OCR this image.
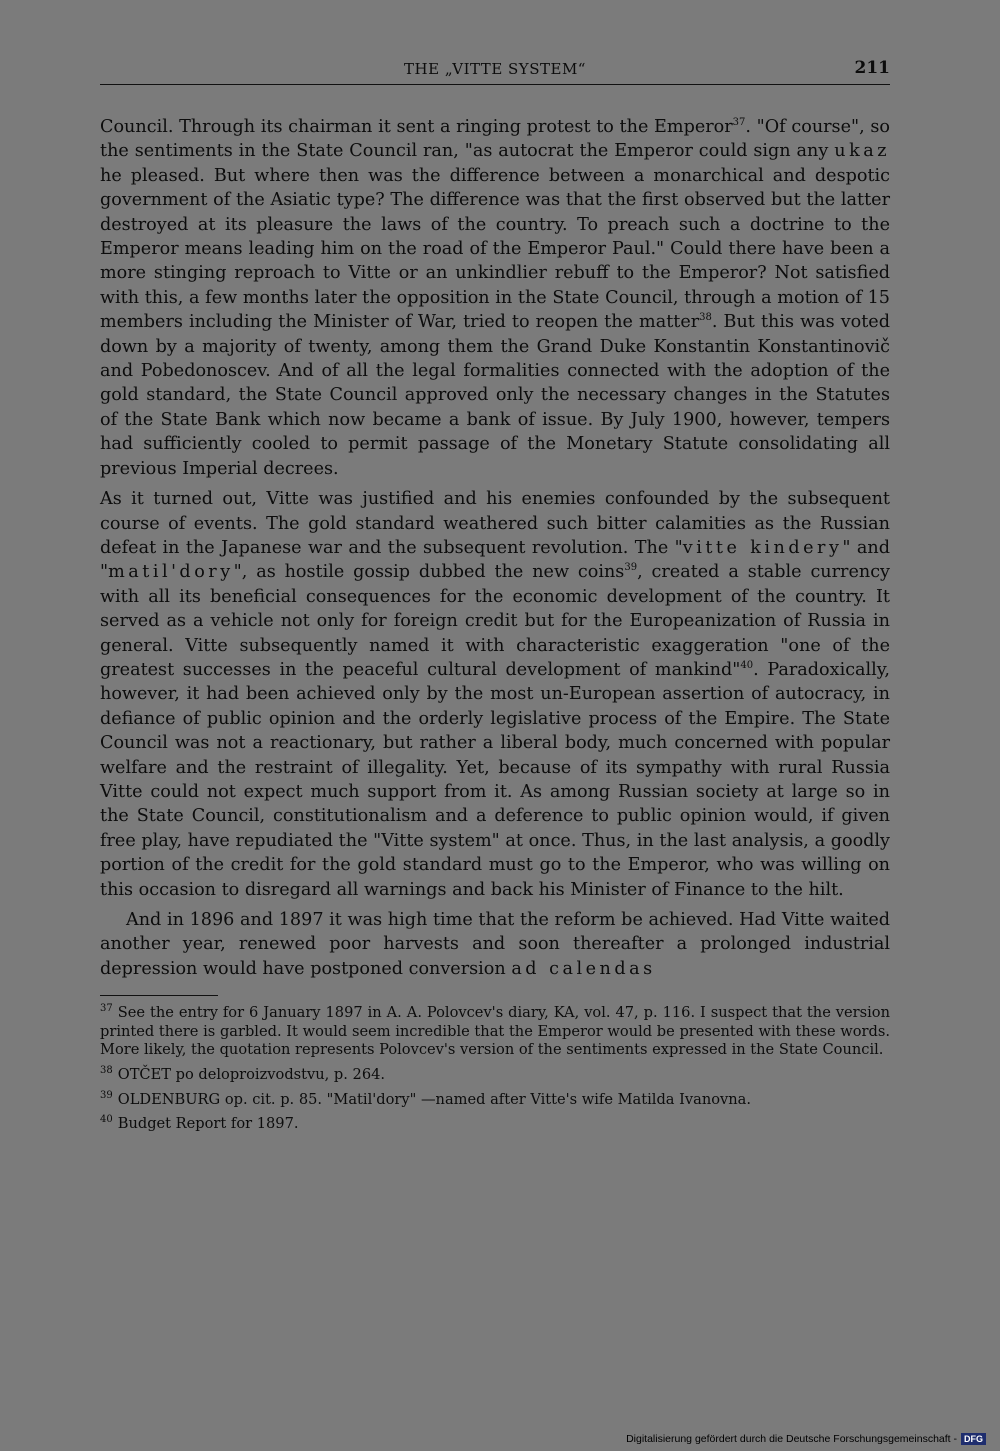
THE „VITTE SYSTEM“	211

Council. Through its chairman it sent a ringing protest to the Emperor$^{37}$. "Of course", so the sentiments in the State Council ran, "as autocrat the Emperor could sign any ukaz he pleased. But where then was the difference between a monarchical and despotic government of the Asiatic type? The difference was that the first observed but the latter destroyed at its pleasure the laws of the country. To preach such a doctrine to the Emperor means leading him on the road of the Emperor Paul." Could there have been a more stinging reproach to Vitte or an unkindlier rebuff to the Emperor? Not satisfied with this, a few months later the opposition in the State Council, through a motion of 15 members including the Minister of War, tried to reopen the matter$^{38}$. But this was voted down by a majority of twenty, among them the Grand Duke Konstantin Konstantinovič and Pobedonoscev. And of all the legal formalities connected with the adoption of the gold standard, the State Council approved only the necessary changes in the Statutes of the State Bank which now became a bank of issue. By July 1900, however, tempers had sufficiently cooled to permit passage of the Monetary Statute consolidating all previous Imperial decrees.

As it turned out, Vitte was justified and his enemies confounded by the subsequent course of events. The gold standard weathered such bitter calamities as the Russian defeat in the Japanese war and the subsequent revolution. The "vitte kindery" and "matil'dory", as hostile gossip dubbed the new coins$^{39}$, created a stable currency with all its beneficial consequences for the economic development of the country. It served as a vehicle not only for foreign credit but for the Europeanization of Russia in general. Vitte subsequently named it with characteristic exaggeration "one of the greatest successes in the peaceful cultural development of mankind"$^{40}$. Paradoxically, however, it had been achieved only by the most un-European assertion of autocracy, in defiance of public opinion and the orderly legislative process of the Empire. The State Council was not a reactionary, but rather a liberal body, much concerned with popular welfare and the restraint of illegality. Yet, because of its sympathy with rural Russia Vitte could not expect much support from it. As among Russian society at large so in the State Council, constitutionalism and a deference to public opinion would, if given free play, have repudiated the "Vitte system" at once. Thus, in the last analysis, a goodly portion of the credit for the gold standard must go to the Emperor, who was willing on this occasion to disregard all warnings and back his Minister of Finance to the hilt.

And in 1896 and 1897 it was high time that the reform be achieved. Had Vitte waited another year, renewed poor harvests and soon thereafter a prolonged industrial depression would have postponed conversion ad calendas

$^{37}$ See the entry for 6 January 1897 in A. A. Polovcev's diary, KA, vol. 47, p. 116. I suspect that the version printed there is garbled. It would seem incredible that the Emperor would be presented with these words. More likely, the quotation represents Polovcev's version of the sentiments expressed in the State Council.
$^{38}$ OTČET po deloproizvodstvu, p. 264.
$^{39}$ OLDENBURG op. cit. p. 85. "Matil'dory" —named after Vitte's wife Matilda Ivanovna.
$^{40}$ Budget Report for 1897.
Digitalisierung gefördert durch die Deutsche Forschungsgemeinschaft - DFG
